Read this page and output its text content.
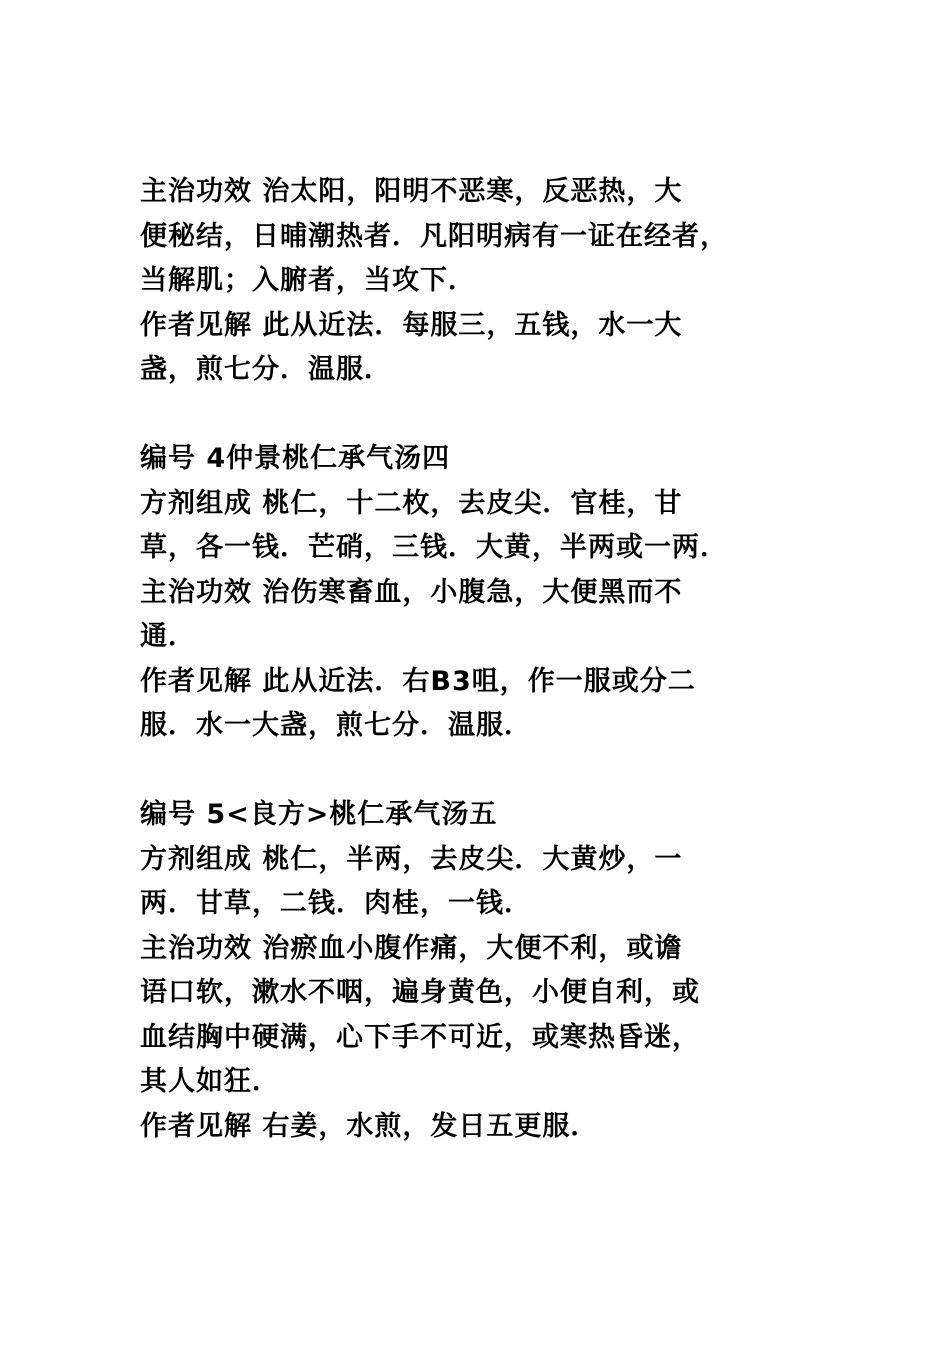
主治功效 治太阳，阳明不恶寒，反恶热，大
便秘结，日晡潮热者．凡阳明病有一证在经者，
当解肌；入腑者，当攻下．
作者见解 此从近法．每服三，五钱，水一大
盏，煎七分．温服．
编号 4仲景桃仁承气汤四
方剂组成 桃仁，十二枚，去皮尖．官桂，甘
草，各一钱．芒硝，三钱．大黄，半两或一两．
主治功效 治伤寒畜血，小腹急，大便黑而不
通．
作者见解 此从近法．右B3咀，作一服或分二
服．水一大盏，煎七分．温服．
编号 5<良方>桃仁承气汤五
方剂组成 桃仁，半两，去皮尖．大黄炒，一
两．甘草，二钱．肉桂，一钱．
主治功效 治瘀血小腹作痛，大便不利，或谵
语口软，漱水不咽，遍身黄色，小便自利，或
血结胸中硬满，心下手不可近，或寒热昏迷，
其人如狂．
作者见解 右姜，水煎，发日五更服．
